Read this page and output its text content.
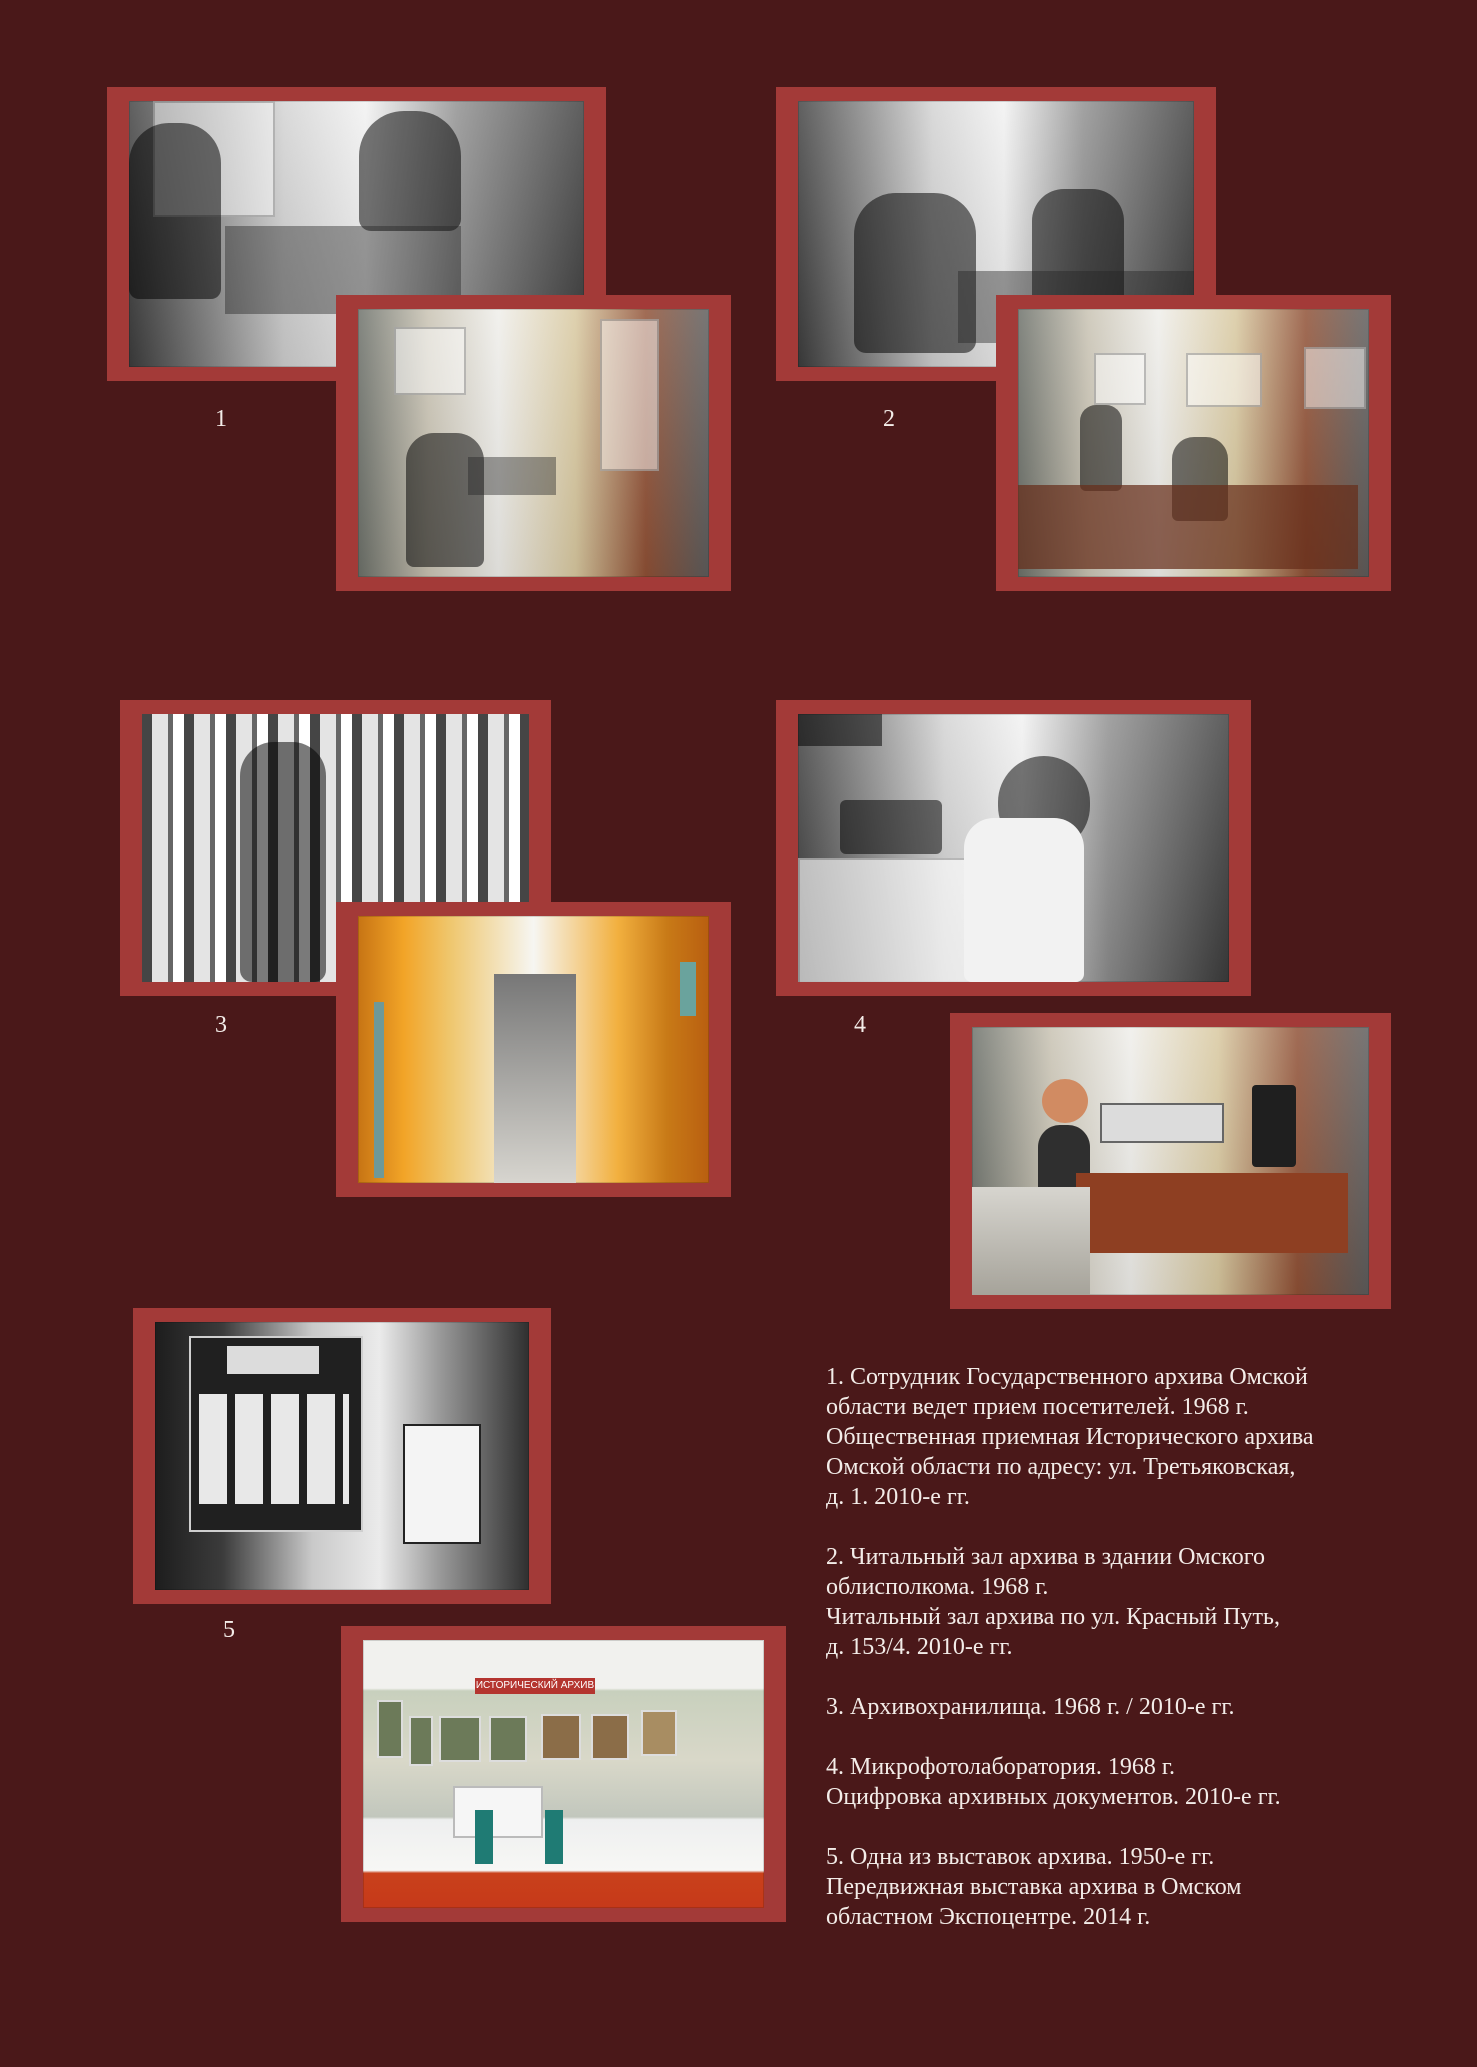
ИСТОРИЧЕСКИЙ АРХИВ
1	2
3	4
5
1. Сотрудник Государственного архива Омской
области ведет прием посетителей. 1968 г.
Общественная приемная Исторического архива
Омской области по адресу: ул. Третьяковская,
д. 1. 2010-е гг.
2. Читальный зал архива в здании Омского
облисполкома. 1968 г.
Читальный зал архива по ул. Красный Путь,
д. 153/4. 2010-е гг.
3. Архивохранилища. 1968 г. / 2010-е гг.
4. Микрофотолаборатория. 1968 г.
Оцифровка архивных документов. 2010-е гг.
5. Одна из выставок архива. 1950-е гг.
Передвижная выставка архива в Омском
областном Экспоцентре. 2014 г.
